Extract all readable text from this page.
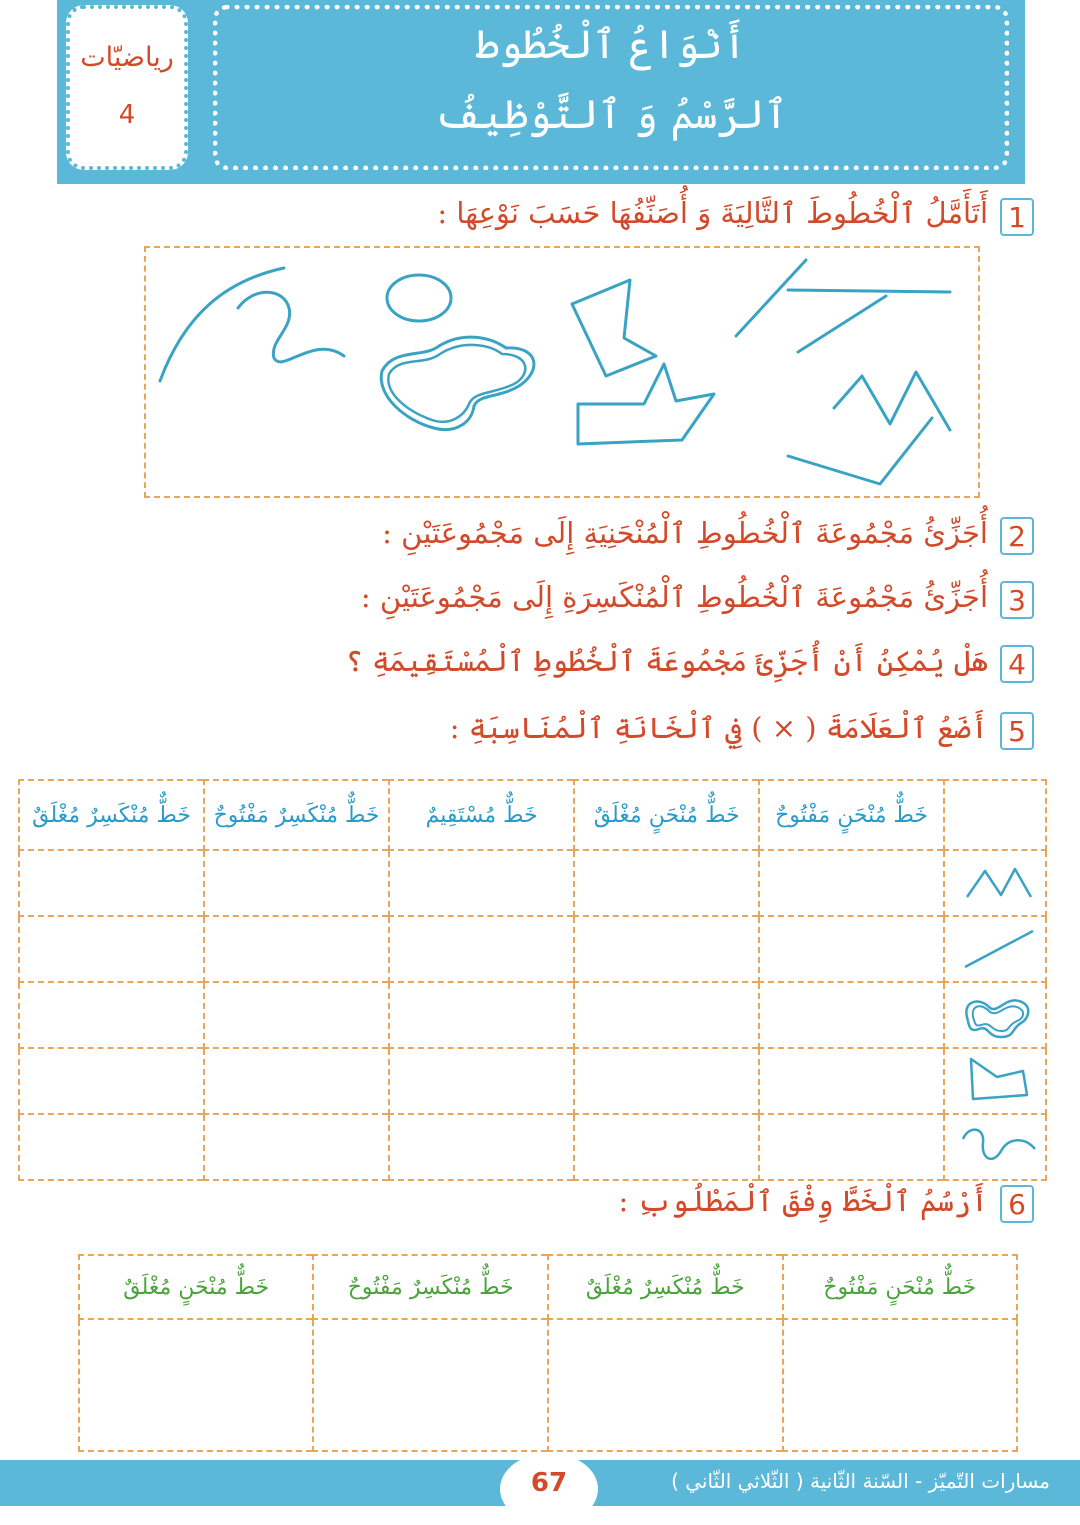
أَنْوَاعُ ٱلْخُطُوط
ٱلرَّسْمُ وَ ٱلتَّوْظِيفُ
رياضيّات
4
1
أَتَأَمَّلُ ٱلْخُطُوطَ ٱلتَّالِيَةَ وَ أُصَنِّفُهَا حَسَبَ نَوْعِهَا :
2
أُجَزِّئُ مَجْمُوعَةَ ٱلْخُطُوطِ ٱلْمُنْحَنِيَةِ إِلَى مَجْمُوعَتَيْنِ :
3
أُجَزِّئُ مَجْمُوعَةَ ٱلْخُطُوطِ ٱلْمُنْكَسِرَةِ إِلَى مَجْمُوعَتَيْنِ :
4
هَلْ يُمْكِنُ أَنْ أُجَزِّئَ مَجْمُوعَةَ ٱلْخُطُوطِ ٱلْمُسْتَقِيمَةِ ؟
5
أَضَعُ ٱلْعَلَامَةَ ( × ) فِي ٱلْخَانَةِ ٱلْمُنَاسِبَةِ :
	خَطٌّ مُنْحَنٍ مَفْتُوحٌ	خَطٌّ مُنْحَنٍ مُغْلَقٌ	خَطٌّ مُسْتَقِيمٌ	خَطٌّ مُنْكَسِرٌ مَفْتُوحٌ	خَطٌّ مُنْكَسِرٌ مُغْلَقٌ

6
أَرْسُمُ ٱلْخَطَّ وِفْقَ ٱلْمَطْلُوبِ :
خَطٌّ مُنْحَنٍ مَفْتُوحٌ	خَطٌّ مُنْكَسِرٌ مُغْلَقٌ	خَطٌّ مُنْكَسِرٌ مَفْتُوحٌ	خَطٌّ مُنْحَنٍ مُغْلَقٌ

67	مسارات التّميّز - السّنة الثّانية ( الثّلاثي الثّاني )
